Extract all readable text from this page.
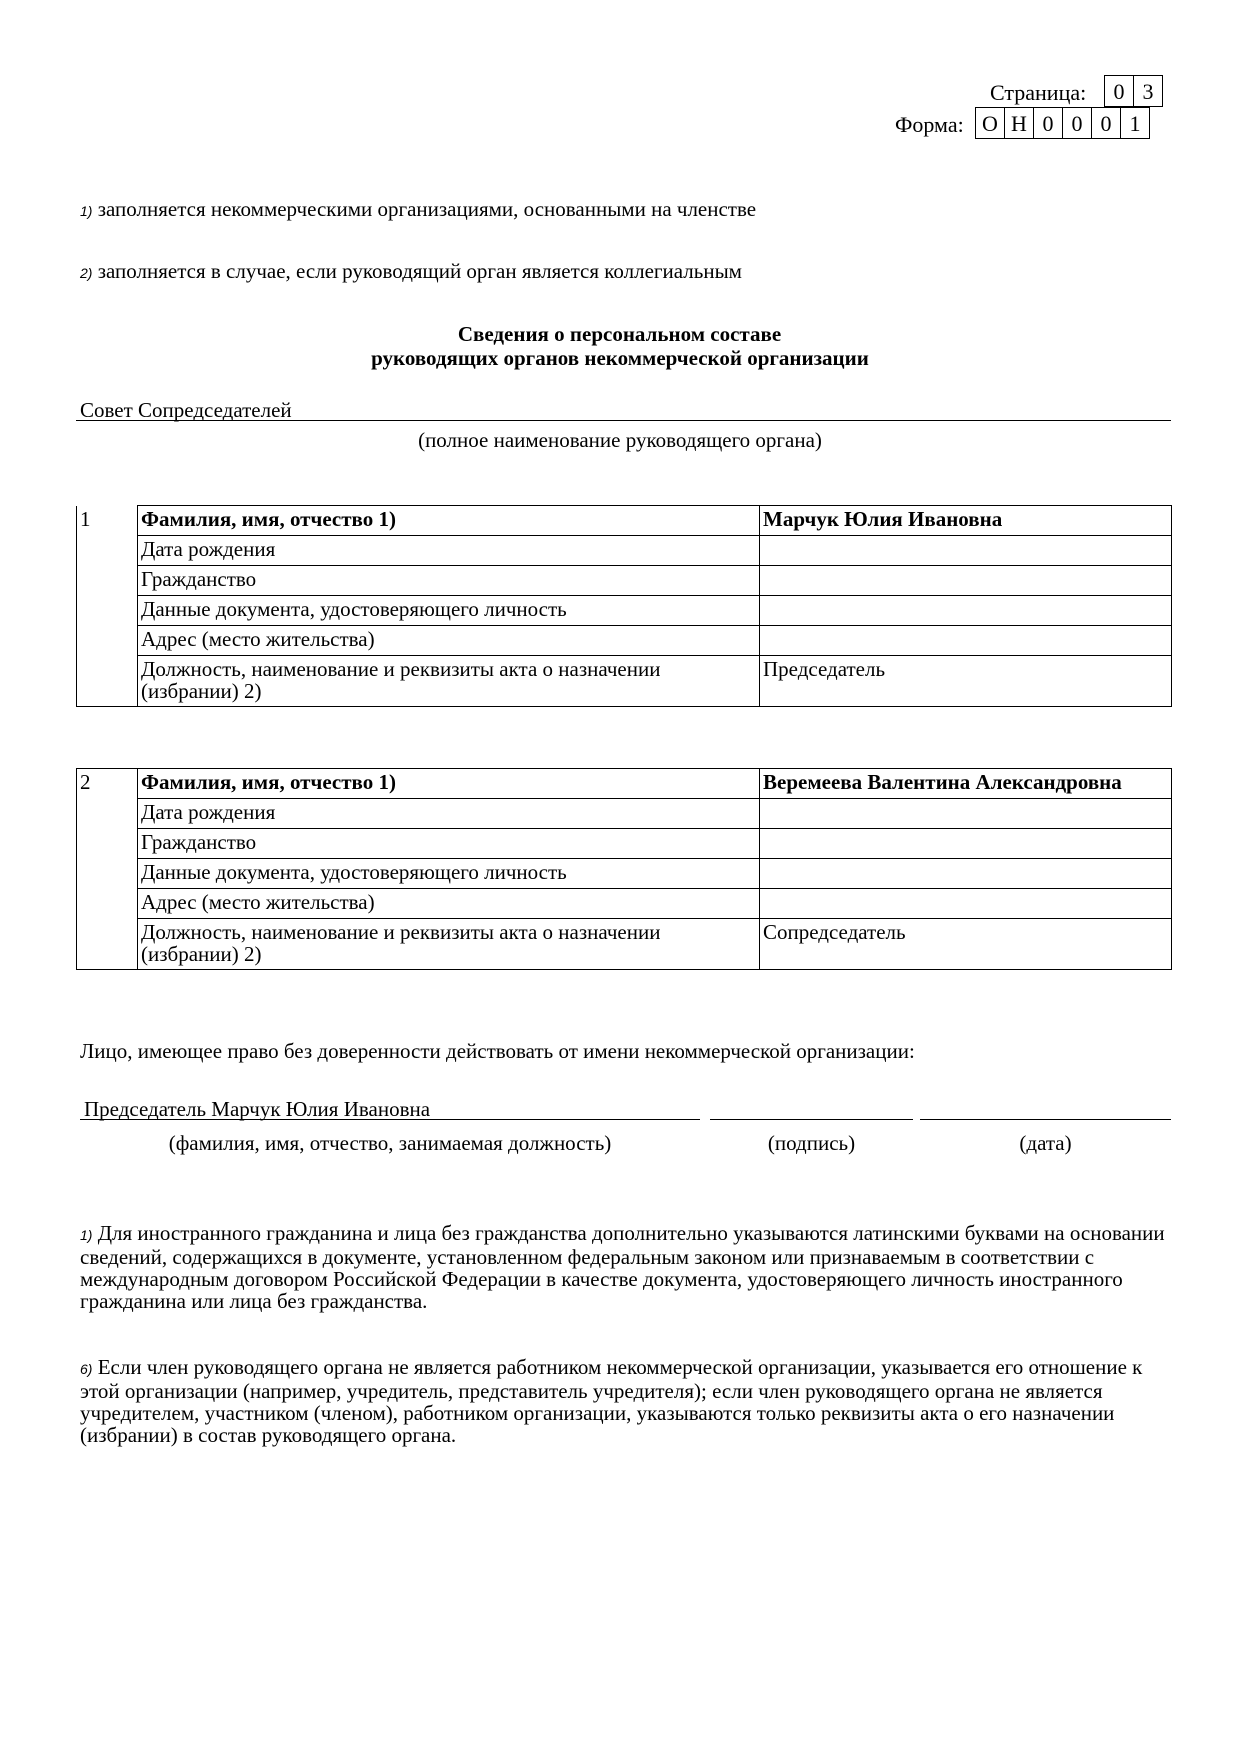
Страница:	0 3
Форма: О Н 0 0 0 1
1) заполняется некоммерческими организациями, основанными на членстве
2) заполняется в случае, если руководящий орган является коллегиальным
Сведения о персональном составе
руководящих органов некоммерческой организации
Совет Сопредседателей
(полное наименование руководящего органа)
1	Фамилия, имя, отчество 1)	Марчук Юлия Ивановна
	Дата рождения	
	Гражданство	
	Данные документа, удостоверяющего личность	
	Адрес (место жительства)	
	Должность, наименование и реквизиты акта о назначении (избрании) 2)	Председатель
2	Фамилия, имя, отчество 1)	Веремеева Валентина Александровна
	Дата рождения	
	Гражданство	
	Данные документа, удостоверяющего личность	
	Адрес (место жительства)	
	Должность, наименование и реквизиты акта о назначении (избрании) 2)	Сопредседатель
Лицо, имеющее право без доверенности действовать от имени некоммерческой организации:
Председатель Марчук Юлия Ивановна
(фамилия, имя, отчество, занимаемая должность)	(подпись)	(дата)
1) Для иностранного гражданина и лица без гражданства дополнительно указываются латинскими буквами на основании сведений, содержащихся в документе, установленном федеральным законом или признаваемым в соответствии с международным договором Российской Федерации в качестве документа, удостоверяющего личность иностранного гражданина или лица без гражданства.
6) Если член руководящего органа не является работником некоммерческой организации, указывается его отношение к этой организации (например, учредитель, представитель учредителя); если член руководящего органа не является учредителем, участником (членом), работником организации, указываются только реквизиты акта о его назначении (избрании) в состав руководящего органа.
